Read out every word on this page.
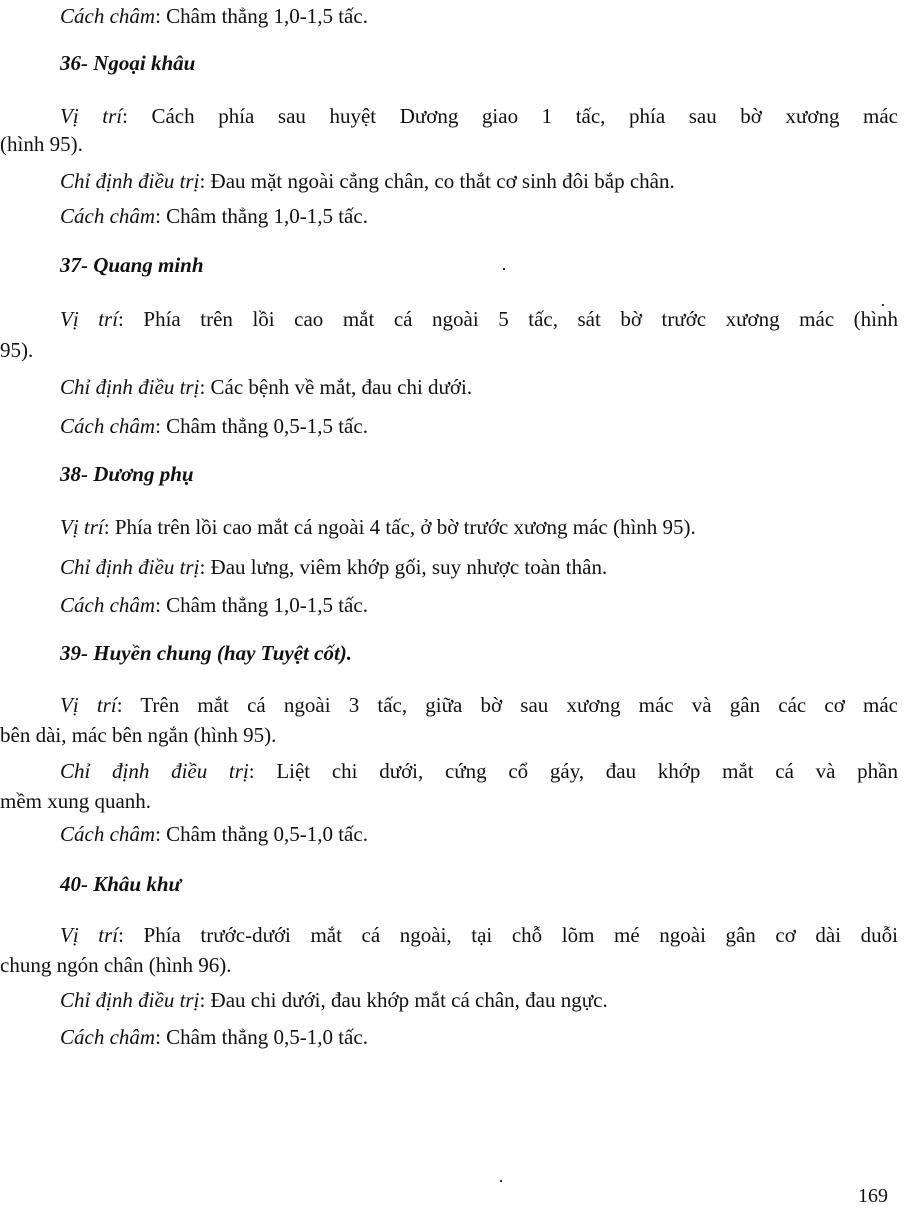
Cách châm: Châm thẳng 1,0-1,5 tấc.
36- Ngoại khâu
Vị trí: Cách phía sau huyệt Dương giao 1 tấc, phía sau bờ xương mác
(hình 95).
Chỉ định điều trị: Đau mặt ngoài cẳng chân, co thắt cơ sinh đôi bắp chân.
Cách châm: Châm thẳng 1,0-1,5 tấc.
37- Quang minh
Vị trí: Phía trên lồi cao mắt cá ngoài 5 tấc, sát bờ trước xương mác (hình
95).
Chỉ định điều trị: Các bệnh về mắt, đau chi dưới.
Cách châm: Châm thẳng 0,5-1,5 tấc.
38- Dương phụ
Vị trí: Phía trên lồi cao mắt cá ngoài 4 tấc, ở bờ trước xương mác (hình 95).
Chỉ định điều trị: Đau lưng, viêm khớp gối, suy nhược toàn thân.
Cách châm: Châm thẳng 1,0-1,5 tấc.
39- Huyền chung (hay Tuyệt cốt).
Vị trí: Trên mắt cá ngoài 3 tấc, giữa bờ sau xương mác và gân các cơ mác
bên dài, mác bên ngắn (hình 95).
Chỉ định điều trị: Liệt chi dưới, cứng cổ gáy, đau khớp mắt cá và phần
mềm xung quanh.
Cách châm: Châm thẳng 0,5-1,0 tấc.
40- Khâu khư
Vị trí: Phía trước-dưới mắt cá ngoài, tại chỗ lõm mé ngoài gân cơ dài duỗi
chung ngón chân (hình 96).
Chỉ định điều trị: Đau chi dưới, đau khớp mắt cá chân, đau ngực.
Cách châm: Châm thẳng 0,5-1,0 tấc.
169
